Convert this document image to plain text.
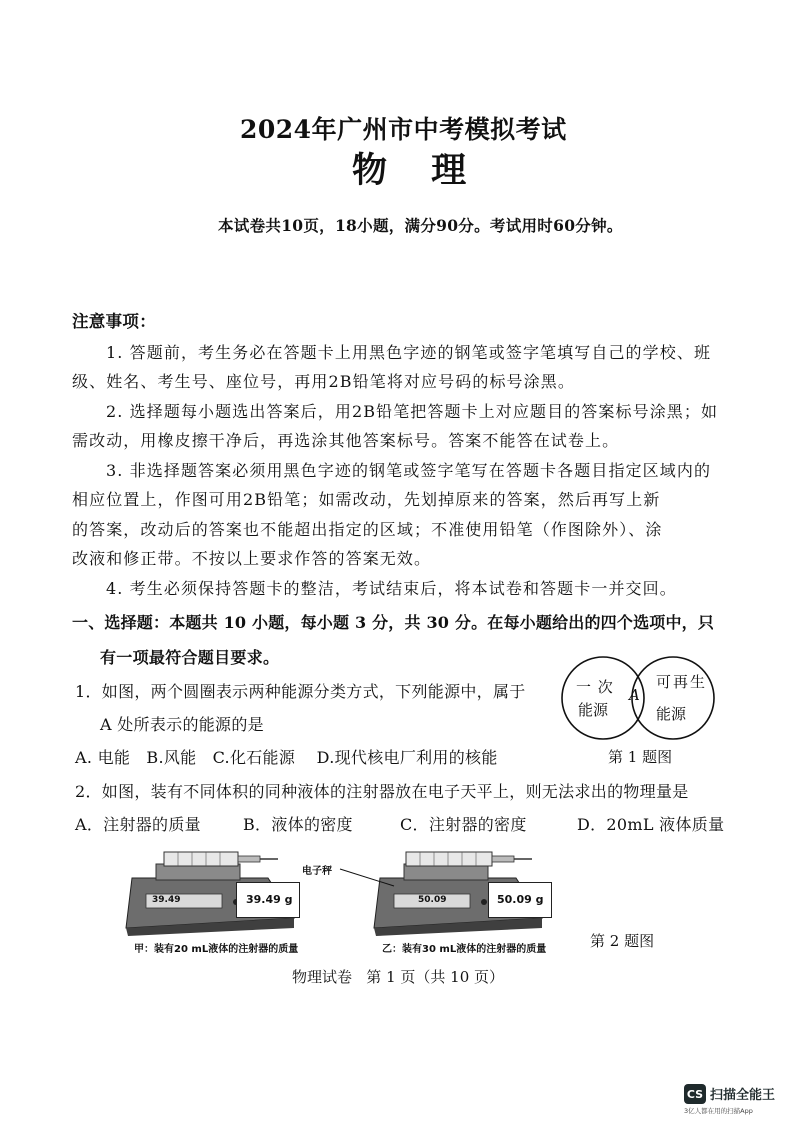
2024年广州市中考模拟考试
物 理
本试卷共10页，18小题，满分90分。考试用时60分钟。
注意事项：
1. 答题前，考生务必在答题卡上用黑色字迹的钢笔或签字笔填写自己的学校、班
级、姓名、考生号、座位号，再用2B铅笔将对应号码的标号涂黑。
2. 选择题每小题选出答案后，用2B铅笔把答题卡上对应题目的答案标号涂黑；如
需改动，用橡皮擦干净后，再选涂其他答案标号。答案不能答在试卷上。
3. 非选择题答案必须用黑色字迹的钢笔或签字笔写在答题卡各题目指定区域内的
相应位置上，作图可用2B铅笔；如需改动，先划掉原来的答案，然后再写上新
的答案，改动后的答案也不能超出指定的区域；不准使用铅笔（作图除外）、涂
改液和修正带。不按以上要求作答的答案无效。
4. 考生必须保持答题卡的整洁，考试结束后，将本试卷和答题卡一并交回。
一、选择题：本题共 10 小题，每小题 3 分，共 30 分。在每小题给出的四个选项中，只
有一项最符合题目要求。
1．如图，两个圆圈表示两种能源分类方式，下列能源中，属于
A 处所表示的能源的是
A. 电能   B.风能   C.化石能源    D.现代核电厂利用的核能
一 次
能源
A
可再生
能源
第 1 题图
2．如图，装有不同体积的同种液体的注射器放在电子天平上，则无法求出的物理量是
A．注射器的质量	B．液体的密度	C．注射器的密度	D．20mL 液体质量
39.49	39.49 g
甲：装有20 mL液体的注射器的质量
50.09	50.09 g
乙：装有30 mL液体的注射器的质量
电子秤
第 2 题图
物理试卷   第 1 页（共 10 页）
CS 扫描全能王
3亿人都在用的扫描App
